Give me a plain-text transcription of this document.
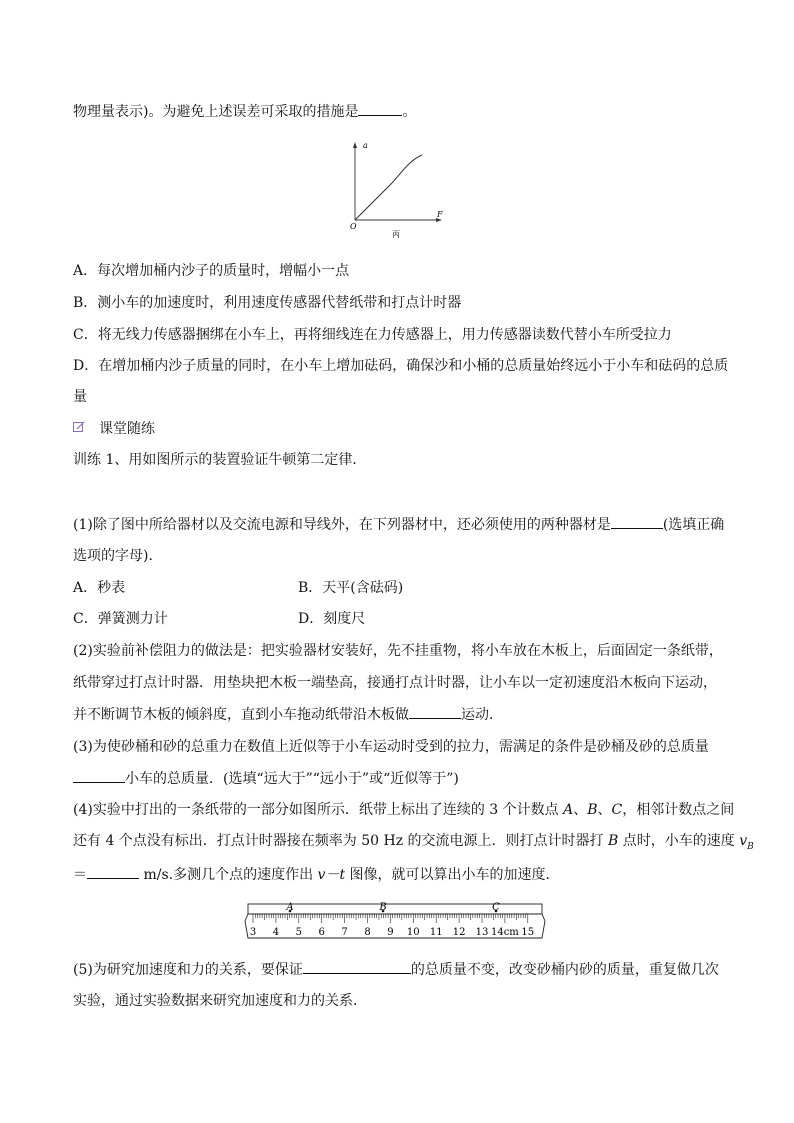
物理量表示)。为避免上述误差可采取的措施是	。
a
F
O
丙
A．每次增加桶内沙子的质量时，增幅小一点
B．测小车的加速度时，利用速度传感器代替纸带和打点计时器
C．将无线力传感器捆绑在小车上，再将细线连在力传感器上，用力传感器读数代替小车所受拉力
D．在增加桶内沙子质量的同时，在小车上增加砝码，确保沙和小桶的总质量始终远小于小车和砝码的总质
量
课堂随练
训练 1、用如图所示的装置验证牛顿第二定律．
(1)除了图中所给器材以及交流电源和导线外，在下列器材中，还必须使用的两种器材是	(选填正确
选项的字母)．
A．秒表	B．天平(含砝码)
C．弹簧测力计	D．刻度尺
(2)实验前补偿阻力的做法是：把实验器材安装好，先不挂重物，将小车放在木板上，后面固定一条纸带，
纸带穿过打点计时器．用垫块把木板一端垫高，接通打点计时器，让小车以一定初速度沿木板向下运动，
并不断调节木板的倾斜度，直到小车拖动纸带沿木板做	运动．
(3)为使砂桶和砂的总重力在数值上近似等于小车运动时受到的拉力，需满足的条件是砂桶及砂的总质量
小车的总质量．(选填“远大于”“远小于”或“近似等于”)
(4)实验中打出的一条纸带的一部分如图所示．纸带上标出了连续的 3 个计数点 A、B、C，相邻计数点之间
还有 4 个点没有标出．打点计时器接在频率为 50 Hz 的交流电源上．则打点计时器打 B 点时，小车的速度 $v_B$
＝	m/s.多测几个点的速度作出 v－t 图像，就可以算出小车的加速度．
3 4 5 6 7 8 9 10 11 12 13 14cm 15
A	B	C
(5)为研究加速度和力的关系，要保证	的总质量不变，改变砂桶内砂的质量，重复做几次
实验，通过实验数据来研究加速度和力的关系．
